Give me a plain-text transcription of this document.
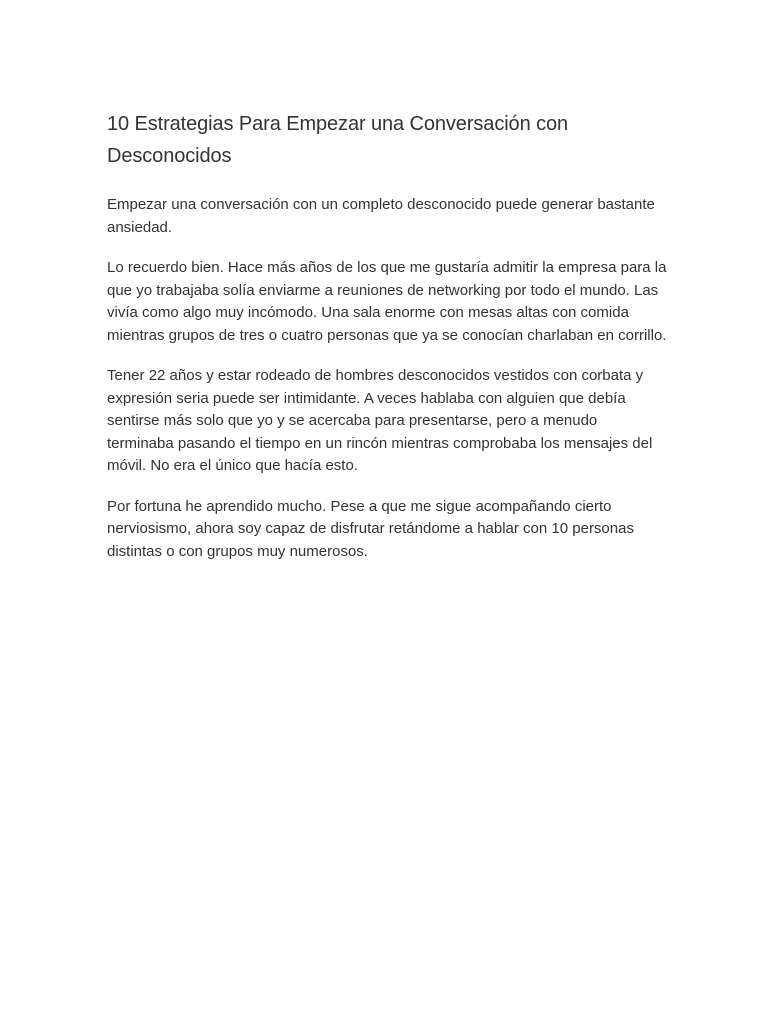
10 Estrategias Para Empezar una Conversación con Desconocidos

Empezar una conversación con un completo desconocido puede generar bastante ansiedad.

Lo recuerdo bien. Hace más años de los que me gustaría admitir la empresa para la que yo trabajaba solía enviarme a reuniones de networking por todo el mundo. Las vivía como algo muy incómodo. Una sala enorme con mesas altas con comida mientras grupos de tres o cuatro personas que ya se conocían charlaban en corrillo.

Tener 22 años y estar rodeado de hombres desconocidos vestidos con corbata y expresión seria puede ser intimidante. A veces hablaba con alguien que debía sentirse más solo que yo y se acercaba para presentarse, pero a menudo terminaba pasando el tiempo en un rincón mientras comprobaba los mensajes del móvil. No era el único que hacía esto.

Por fortuna he aprendido mucho. Pese a que me sigue acompañando cierto nerviosismo, ahora soy capaz de disfrutar retándome a hablar con 10 personas distintas o con grupos muy numerosos.
